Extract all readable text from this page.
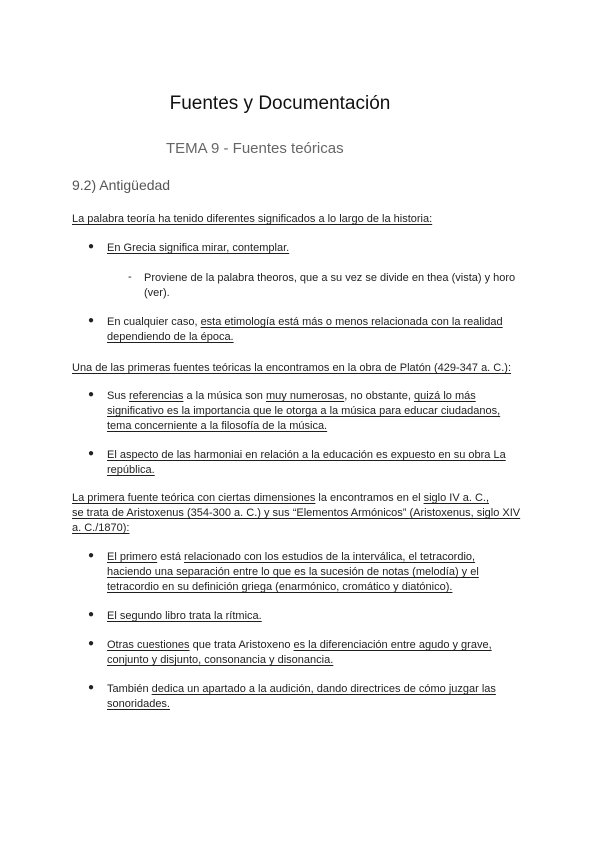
Fuentes y Documentación
TEMA 9 - Fuentes teóricas
9.2) Antigüedad
La palabra teoría ha tenido diferentes significados a lo largo de la historia:
● En Grecia significa mirar, contemplar.
- Proviene de la palabra theoros, que a su vez se divide en thea (vista) y horo
(ver).
● En cualquier caso, esta etimología está más o menos relacionada con la realidad
dependiendo de la época.
Una de las primeras fuentes teóricas la encontramos en la obra de Platón (429-347 a. C.):
● Sus referencias a la música son muy numerosas, no obstante, quizá lo más
significativo es la importancia que le otorga a la música para educar ciudadanos,
tema concerniente a la filosofía de la música.
● El aspecto de las harmoniai en relación a la educación es expuesto en su obra La
república.
La primera fuente teórica con ciertas dimensiones la encontramos en el siglo IV a. C.,
se trata de Aristoxenus (354-300 a. C.) y sus “Elementos Armónicos” (Aristoxenus, siglo XIV
a. C./1870):
● El primero está relacionado con los estudios de la interválica, el tetracordio,
haciendo una separación entre lo que es la sucesión de notas (melodía) y el
tetracordio en su definición griega (enarmónico, cromático y diatónico).
● El segundo libro trata la rítmica.
● Otras cuestiones que trata Aristoxeno es la diferenciación entre agudo y grave,
conjunto y disjunto, consonancia y disonancia.
● También dedica un apartado a la audición, dando directrices de cómo juzgar las
sonoridades.
